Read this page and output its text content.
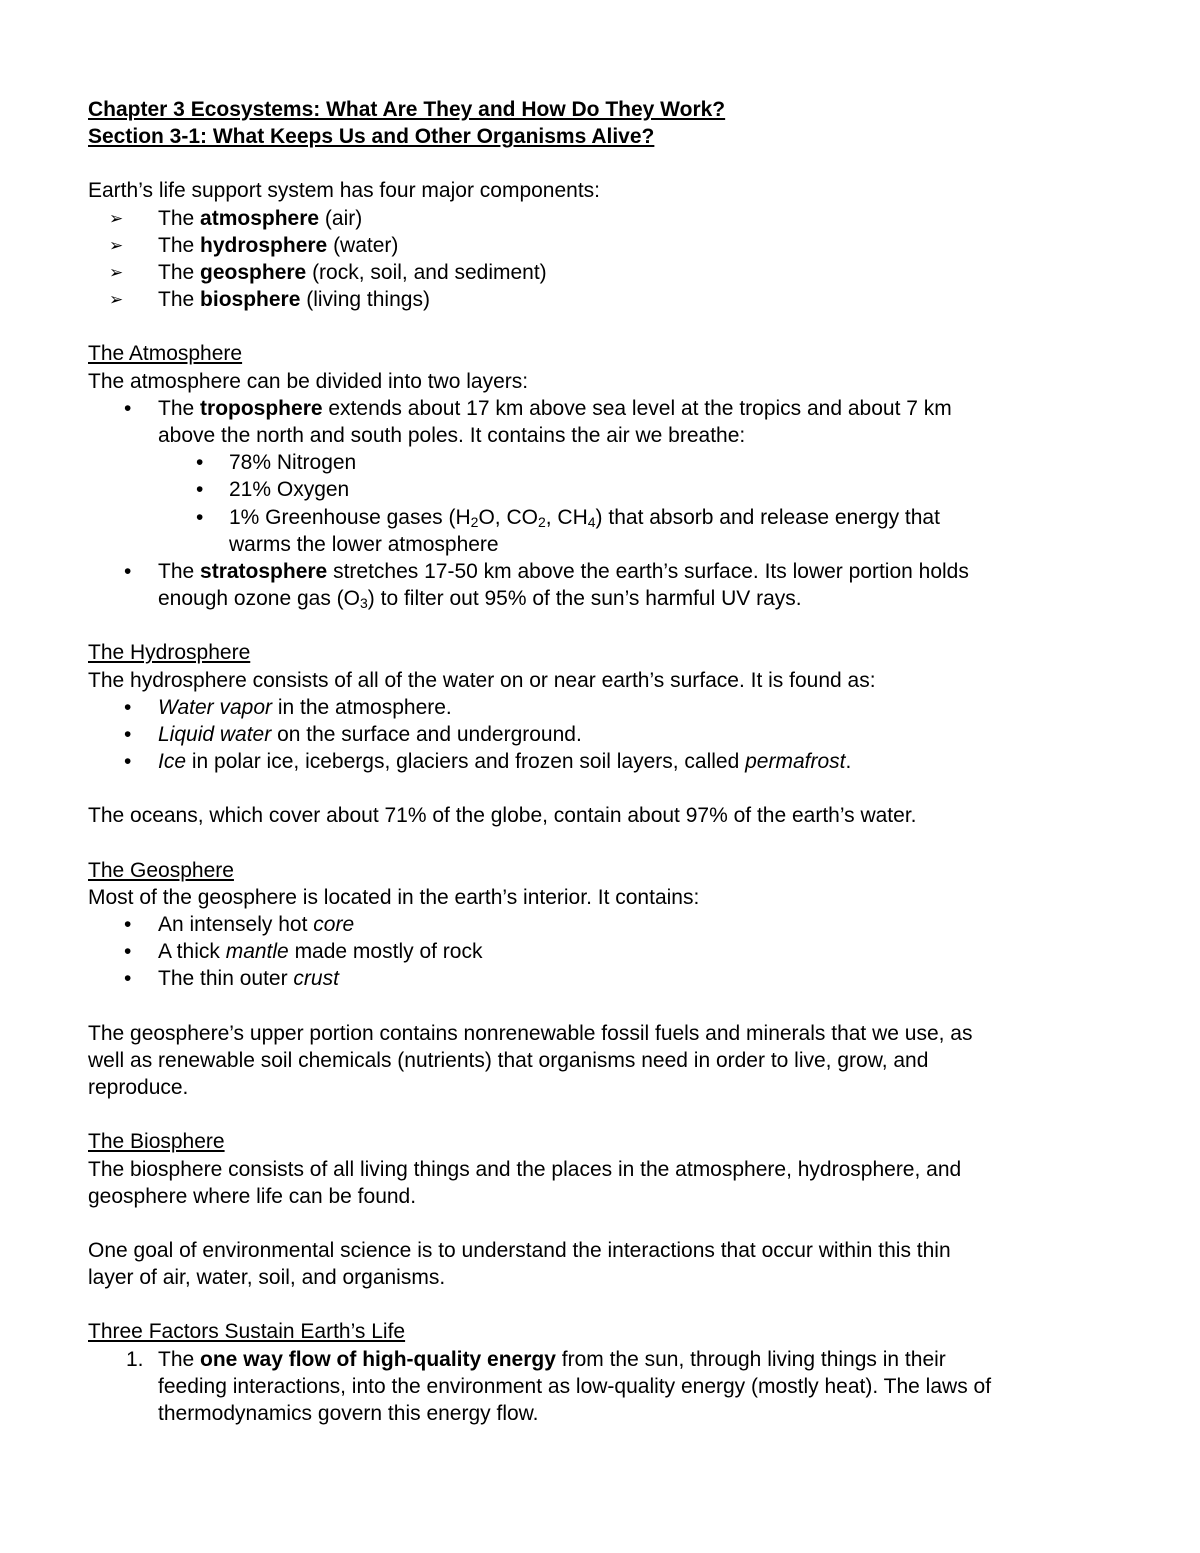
Chapter 3 Ecosystems: What Are They and How Do They Work?
Section 3-1: What Keeps Us and Other Organisms Alive?
Earth’s life support system has four major components:
➢	The atmosphere (air)
➢	The hydrosphere (water)
➢	The geosphere (rock, soil, and sediment)
➢	The biosphere (living things)
The Atmosphere
The atmosphere can be divided into two layers:
•	The troposphere extends about 17 km above sea level at the tropics and about 7 km
above the north and south poles. It contains the air we breathe:
•	78% Nitrogen
•	21% Oxygen
•	1% Greenhouse gases ($H_2O$, $CO_2$, $CH_4$) that absorb and release energy that
warms the lower atmosphere
•	The stratosphere stretches 17-50 km above the earth’s surface. Its lower portion holds
enough ozone gas $(O_3)$ to filter out 95% of the sun’s harmful UV rays.
The Hydrosphere
The hydrosphere consists of all of the water on or near earth’s surface. It is found as:
•	Water vapor in the atmosphere.
•	Liquid water on the surface and underground.
•	Ice in polar ice, icebergs, glaciers and frozen soil layers, called permafrost.
The oceans, which cover about 71% of the globe, contain about 97% of the earth’s water.
The Geosphere
Most of the geosphere is located in the earth’s interior. It contains:
•	An intensely hot core
•	A thick mantle made mostly of rock
•	The thin outer crust
The geosphere’s upper portion contains nonrenewable fossil fuels and minerals that we use, as
well as renewable soil chemicals (nutrients) that organisms need in order to live, grow, and
reproduce.
The Biosphere
The biosphere consists of all living things and the places in the atmosphere, hydrosphere, and
geosphere where life can be found.
One goal of environmental science is to understand the interactions that occur within this thin
layer of air, water, soil, and organisms.
Three Factors Sustain Earth’s Life
1. The one way flow of high-quality energy from the sun, through living things in their
feeding interactions, into the environment as low-quality energy (mostly heat). The laws of
thermodynamics govern this energy flow.
